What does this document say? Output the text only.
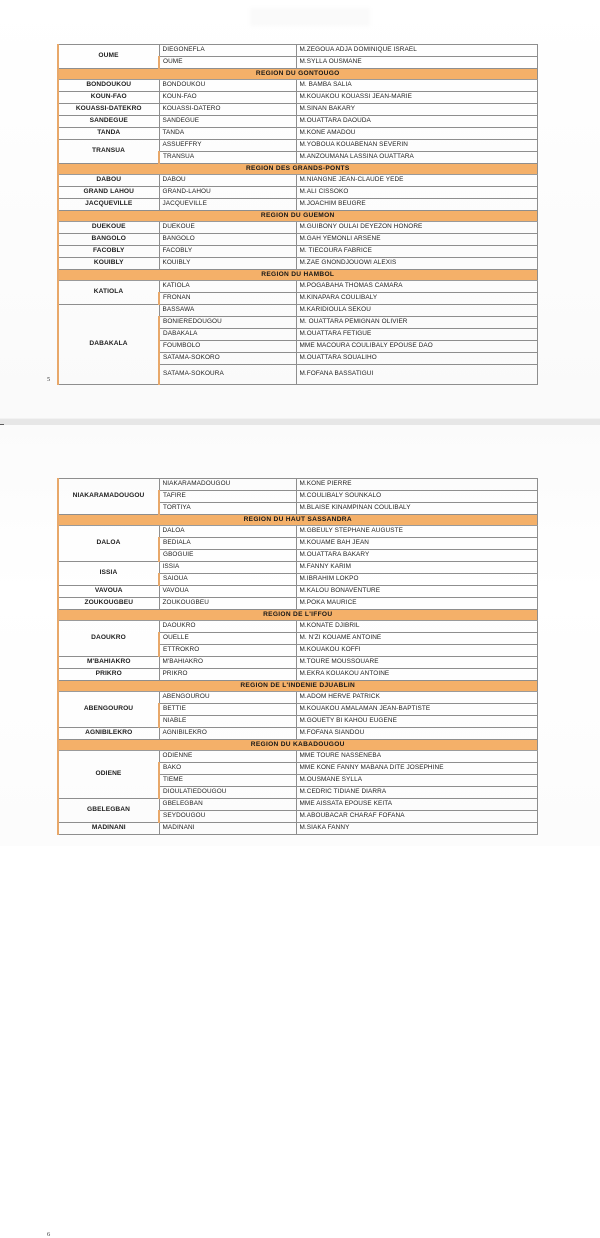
OUME	DIEGONEFLA	M.ZEGOUA ADJA DOMINIQUE ISRAEL
	OUME	M.SYLLA OUSMANE
REGION DU GONTOUGO		
BONDOUKOU	BONDOUKOU	M. BAMBA SALIA
KOUN-FAO	KOUN-FAO	M.KOUAKOU KOUASSI JEAN-MARIE
KOUASSI-DATEKRO	KOUASSI-DATERO	M.SINAN BAKARY
SANDEGUE	SANDEGUE	M.OUATTARA DAOUDA
TANDA	TANDA	M.KONE AMADOU
TRANSUA	ASSUEFFRY	M.YOBOUA KOUABENAN SEVERIN
	TRANSUA	M.ANZOUMANA LASSINA OUATTARA
REGION DES GRANDS-PONTS		
DABOU	DABOU	M.NIANGNE JEAN-CLAUDE YEDE
GRAND LAHOU	GRAND-LAHOU	M.ALI CISSOKO
JACQUEVILLE	JACQUEVILLE	M.JOACHIM BEUGRE
REGION DU GUEMON		
DUEKOUE	DUEKOUE	M.GUIBONY OULAI DEYEZON HONORE
BANGOLO	BANGOLO	M.GAH YEMONLI ARSENE
FACOBLY	FACOBLY	M. TIECOURA FABRICE
KOUIBLY	KOUIBLY	M.ZAE GNONDJOUOWI ALEXIS
REGION DU HAMBOL		
KATIOLA	KATIOLA	M.POGABAHA THOMAS CAMARA
	FRONAN	M.KINAPARA COULIBALY
DABAKALA	BASSAWA	M.KARIDIOULA SEKOU
	BONIEREDOUGOU	M. OUATTARA PEMIGNAN OLIVIER
	DABAKALA	M.OUATTARA FETIGUE
	FOUMBOLO	MME MACOURA COULIBALY EPOUSE DAO
	SATAMA-SOKORO	M.OUATTARA SOUALIHO
	SATAMA-SOKOURA	M.FOFANA BASSATIGUI
5
NIAKARAMADOUGOU	NIAKARAMADOUGOU	M.KONE PIERRE
	TAFIRE	M.COULIBALY SOUNKALO
	TORTIYA	M.BLAISE KINAMPINAN COULIBALY
REGION DU HAUT SASSANDRA		
DALOA	DALOA	M.GBEULY STEPHANE AUGUSTE
	BEDIALA	M.KOUAME BAH JEAN
	GBOGUIE	M.OUATTARA BAKARY
ISSIA	ISSIA	M.FANNY KARIM
	SAIOUA	M.IBRAHIM LOKPO
VAVOUA	VAVOUA	M.KALOU BONAVENTURE
ZOUKOUGBEU	ZOUKOUGBEU	M.POKA MAURICE
REGION DE L'IFFOU		
DAOUKRO	DAOUKRO	M.KONATE DJIBRIL
	OUELLE	M. N'ZI KOUAME ANTOINE
	ETTROKRO	M.KOUAKOU KOFFI
M'BAHIAKRO	M'BAHIAKRO	M.TOURE MOUSSOUARE
PRIKRO	PRIKRO	M.EKRA KOUAKOU ANTOINE
REGION DE L'INDENIE DJUABLIN		
ABENGOUROU	ABENGOUROU	M.ADOM HERVE PATRICK
	BETTIE	M.KOUAKOU AMALAMAN JEAN-BAPTISTE
	NIABLE	M.GOUETY BI KAHOU EUGENE
AGNIBILEKRO	AGNIBILEKRO	M.FOFANA SIANDOU
REGION DU KABADOUGOU		
ODIENE	ODIENNE	MME TOURE NASSENEBA
	BAKO	MME KONE FANNY MABANA DITE JOSEPHINE
	TIEME	M.OUSMANE SYLLA
	DIOULATIEDOUGOU	M.CEDRIC TIDIANE DIARRA
GBELEGBAN	GBELEGBAN	MME AISSATA EPOUSE KEITA
	SEYDOUGOU	M.ABOUBACAR CHARAF FOFANA
MADINANI	MADINANI	M.SIAKA FANNY
6
